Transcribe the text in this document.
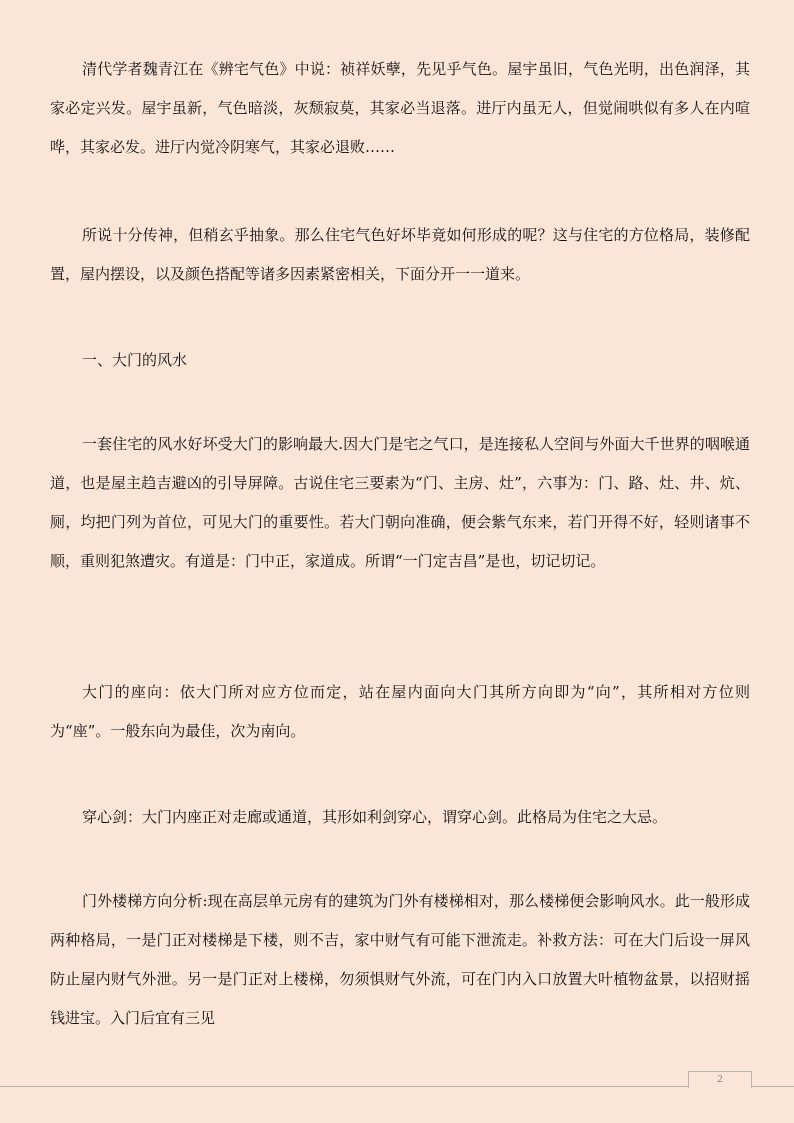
清代学者魏青江在《辨宅气色》中说：祯祥妖孽，先见乎气色。屋宇虽旧，气色光明，出色润泽，其家必定兴发。屋宇虽新，气色暗淡，灰颓寂莫，其家必当退落。进厅内虽无人，但觉闹哄似有多人在内喧哗，其家必发。进厅内觉冷阴寒气，其家必退败……

所说十分传神，但稍玄乎抽象。那么住宅气色好坏毕竟如何形成的呢？这与住宅的方位格局，装修配置，屋内摆设，以及颜色搭配等诸多因素紧密相关，下面分开一一道来。

一、大门的风水

一套住宅的风水好坏受大门的影响最大.因大门是宅之气口，是连接私人空间与外面大千世界的咽喉通道，也是屋主趋吉避凶的引导屏障。古说住宅三要素为“门、主房、灶”，六事为：门、路、灶、井、炕、厕，均把门列为首位，可见大门的重要性。若大门朝向准确，便会紫气东来，若门开得不好，轻则诸事不顺，重则犯煞遭灾。有道是：门中正，家道成。所谓“一门定吉昌”是也，切记切记。

大门的座向：依大门所对应方位而定，站在屋内面向大门其所方向即为“向”，其所相对方位则为“座”。一般东向为最佳，次为南向。

穿心剑：大门内座正对走廊或通道，其形如利剑穿心，谓穿心剑。此格局为住宅之大忌。

门外楼梯方向分析:现在高层单元房有的建筑为门外有楼梯相对，那么楼梯便会影响风水。此一般形成两种格局，一是门正对楼梯是下楼，则不吉，家中财气有可能下泄流走。补救方法：可在大门后设一屏风防止屋内财气外泄。另一是门正对上楼梯，勿须惧财气外流，可在门内入口放置大叶植物盆景，以招财摇钱进宝。入门后宜有三见

2
